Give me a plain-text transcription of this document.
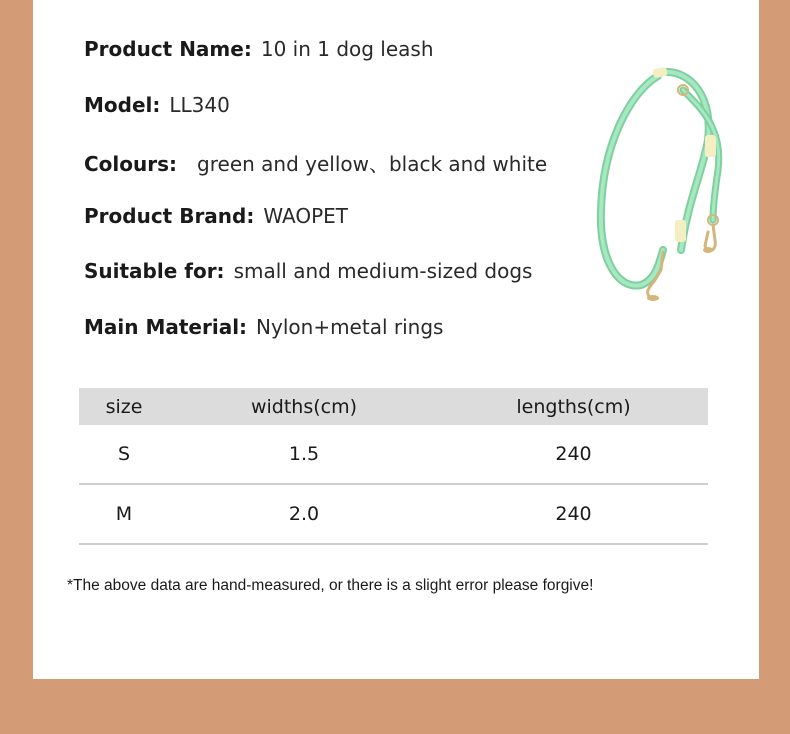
Product Name: 10 in 1 dog leash
Model: LL340
Colours: green and yellow、black and white
Product Brand: WAOPET
Suitable for: small and medium-sized dogs
Main Material: Nylon+metal rings
size	widths(cm)	lengths(cm)
S	1.5	240
M	2.0	240
*The above data are hand-measured, or there is a slight error please forgive!
